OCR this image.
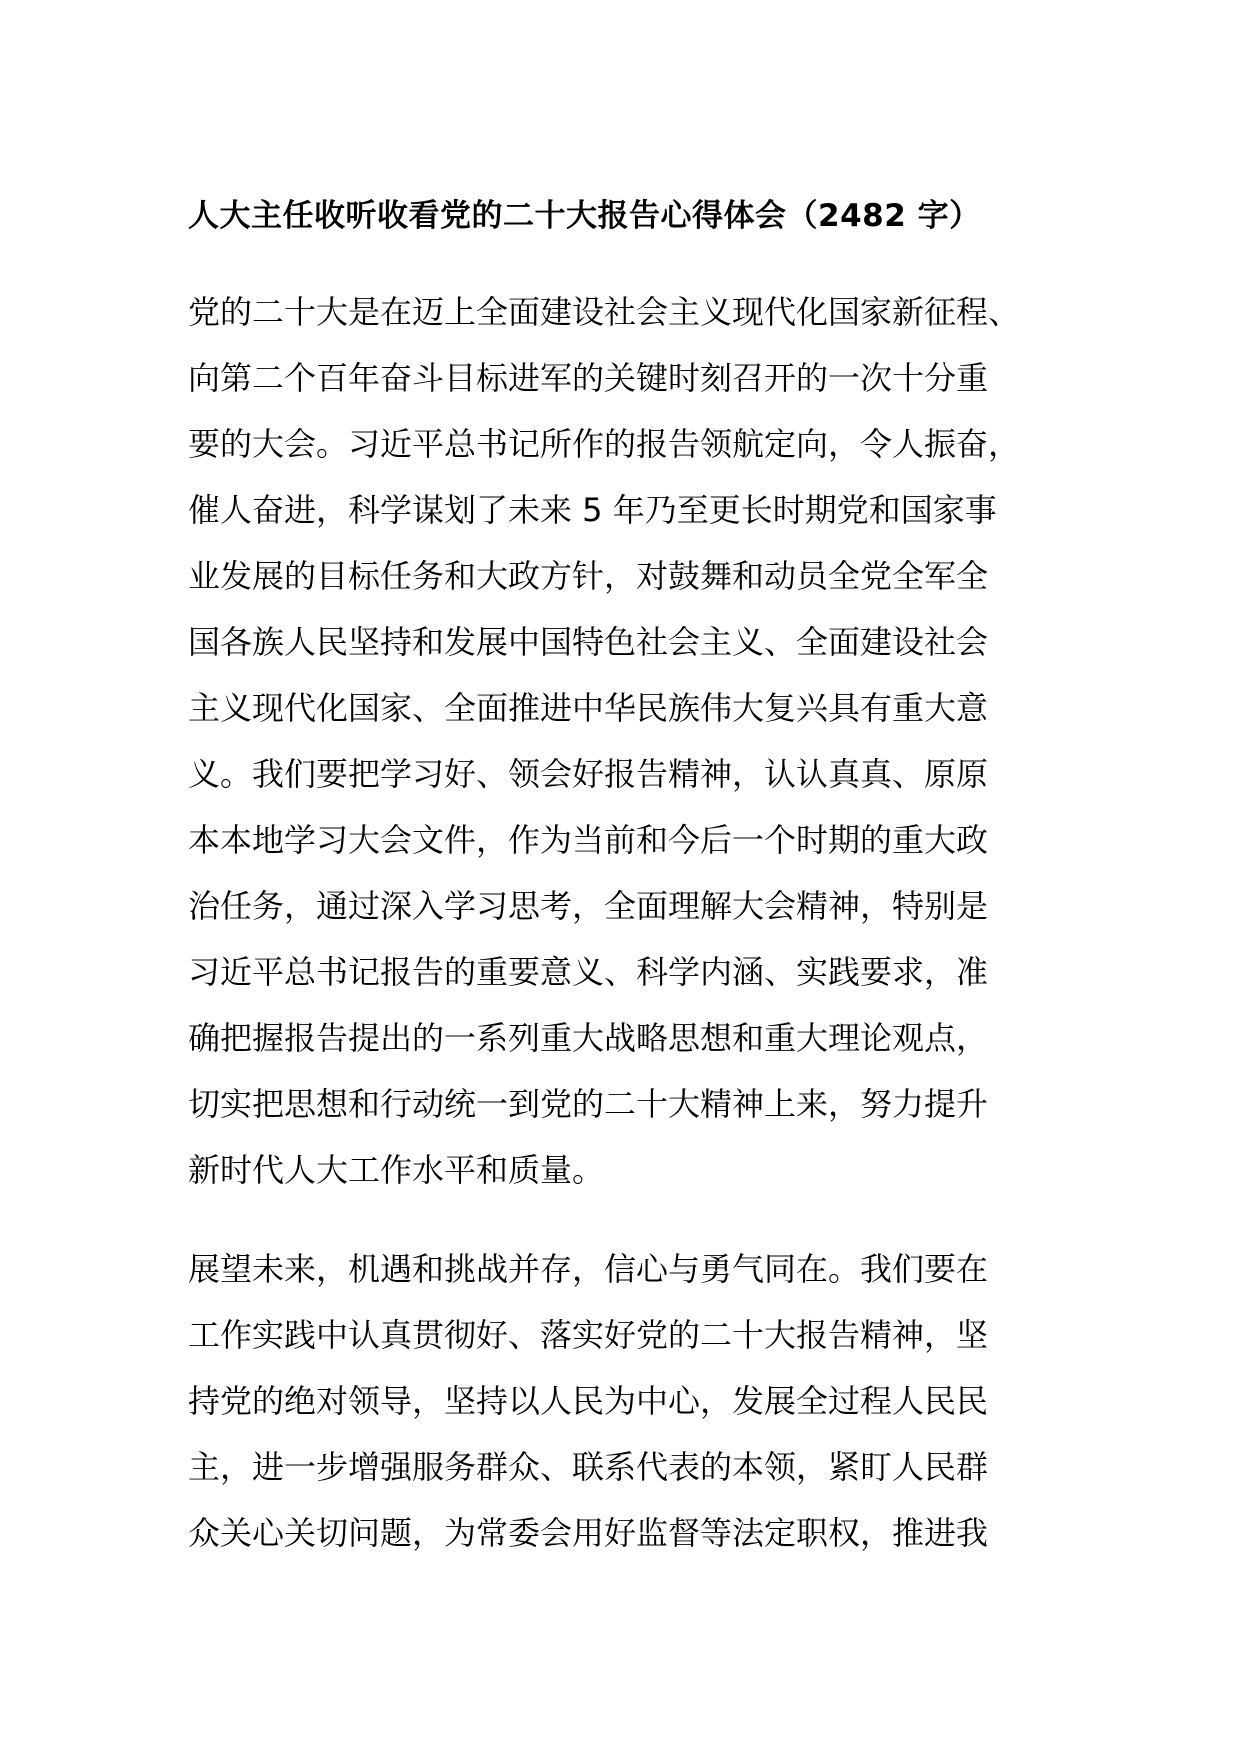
人大主任收听收看党的二十大报告心得体会（2482 字）
党的二十大是在迈上全面建设社会主义现代化国家新征程、
向第二个百年奋斗目标进军的关键时刻召开的一次十分重
要的大会。习近平总书记所作的报告领航定向，令人振奋，
催人奋进，科学谋划了未来 5 年乃至更长时期党和国家事
业发展的目标任务和大政方针，对鼓舞和动员全党全军全
国各族人民坚持和发展中国特色社会主义、全面建设社会
主义现代化国家、全面推进中华民族伟大复兴具有重大意
义。我们要把学习好、领会好报告精神，认认真真、原原
本本地学习大会文件，作为当前和今后一个时期的重大政
治任务，通过深入学习思考，全面理解大会精神，特别是
习近平总书记报告的重要意义、科学内涵、实践要求，准
确把握报告提出的一系列重大战略思想和重大理论观点，
切实把思想和行动统一到党的二十大精神上来，努力提升
新时代人大工作水平和质量。
展望未来，机遇和挑战并存，信心与勇气同在。我们要在
工作实践中认真贯彻好、落实好党的二十大报告精神，坚
持党的绝对领导，坚持以人民为中心，发展全过程人民民
主，进一步增强服务群众、联系代表的本领，紧盯人民群
众关心关切问题，为常委会用好监督等法定职权，推进我
